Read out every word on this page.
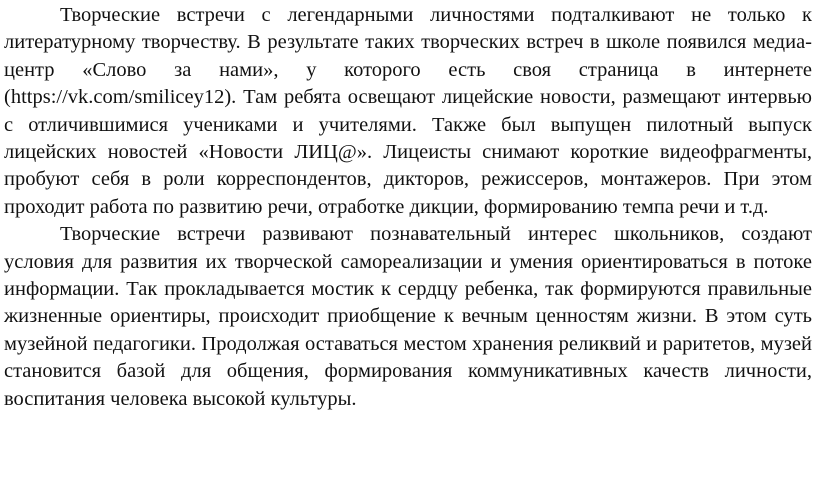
Творческие встречи с легендарными личностями подталкивают не только к литературному творчеству. В результате таких творческих встреч в школе появился медиа-центр «Слово за нами», у которого есть своя страница в интернете (https://vk.com/smilicey12). Там ребята освещают лицейские новости, размещают интервью с отличившимися учениками и учителями. Также был выпущен пилотный выпуск лицейских новостей «Новости ЛИЦ@». Лицеисты снимают короткие видеофрагменты, пробуют себя в роли корреспондентов, дикторов, режиссеров, монтажеров. При этом проходит работа по развитию речи, отработке дикции, формированию темпа речи и т.д.

Творческие встречи развивают познавательный интерес школьников, создают условия для развития их творческой самореализации и умения ориентироваться в потоке информации. Так прокладывается мостик к сердцу ребенка, так формируются правильные жизненные ориентиры, происходит приобщение к вечным ценностям жизни. В этом суть музейной педагогики. Продолжая оставаться местом хранения реликвий и раритетов, музей становится базой для общения, формирования коммуникативных качеств личности, воспитания человека высокой культуры.
